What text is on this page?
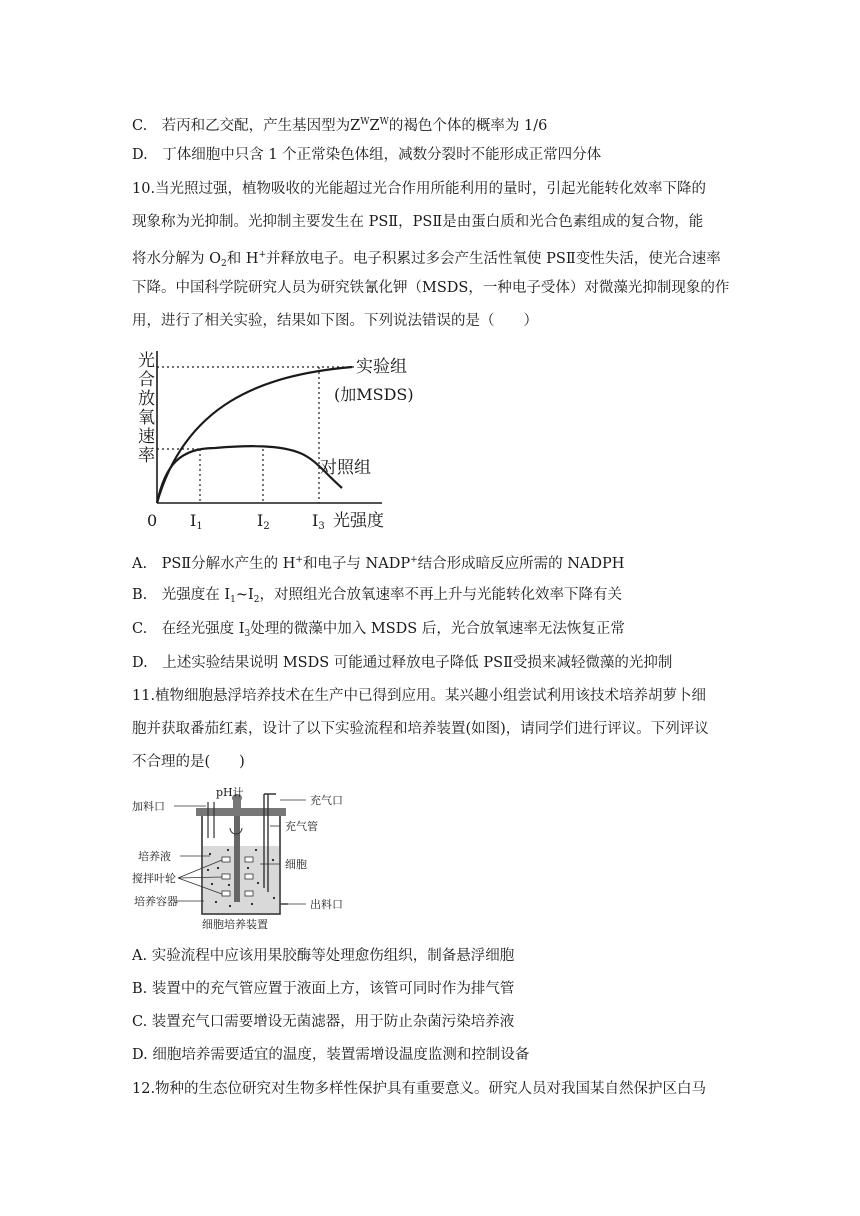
C.　若丙和乙交配，产生基因型为$Z^WZ^W$的褐色个体的概率为 1/6
D.　丁体细胞中只含 1 个正常染色体组，减数分裂时不能形成正常四分体
10.当光照过强，植物吸收的光能超过光合作用所能利用的量时，引起光能转化效率下降的
现象称为光抑制。光抑制主要发生在 PSⅡ，PSⅡ是由蛋白质和光合色素组成的复合物，能
将水分解为 $O_2$和 H+并释放电子。电子积累过多会产生活性氧使 PSⅡ变性失活，使光合速率
下降。中国科学院研究人员为研究铁氰化钾（MSDS，一种电子受体）对微藻光抑制现象的作
用，进行了相关实验，结果如下图。下列说法错误的是（　　）
光合放氧速率	实验组
(加MSDS)
对照组
0 I1	I2	I3 光强度
A.　PSⅡ分解水产生的 H+和电子与 NADP+结合形成暗反应所需的 NADPH
B.　光强度在 $I_1\sim I_2$，对照组光合放氧速率不再上升与光能转化效率下降有关
C.　在经光强度 $I_3$处理的微藻中加入 MSDS 后，光合放氧速率无法恢复正常
D.　上述实验结果说明 MSDS 可能通过释放电子降低 PSⅡ受损来减轻微藻的光抑制
11.植物细胞悬浮培养技术在生产中已得到应用。某兴趣小组尝试利用该技术培养胡萝卜细
胞并获取番茄红素，设计了以下实验流程和培养装置(如图)，请同学们进行评议。下列评议
不合理的是(　　)
加料口
pH计
充气口
充气管
培养液
细胞
搅拌叶轮
培养容器	出料口
细胞培养装置
A. 实验流程中应该用果胶酶等处理愈伤组织，制备悬浮细胞
B. 装置中的充气管应置于液面上方，该管可同时作为排气管
C. 装置充气口需要增设无菌滤器，用于防止杂菌污染培养液
D. 细胞培养需要适宜的温度，装置需增设温度监测和控制设备
12.物种的生态位研究对生物多样性保护具有重要意义。研究人员对我国某自然保护区白马
